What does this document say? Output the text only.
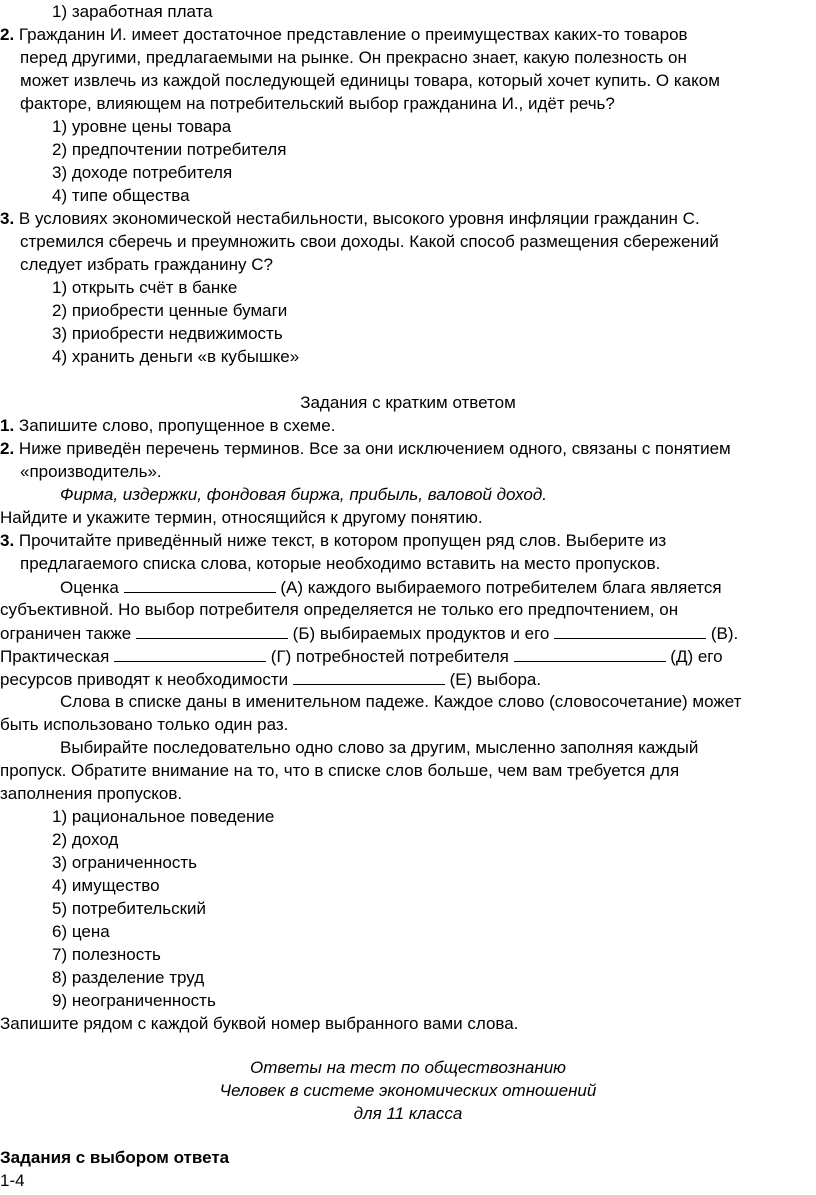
1) заработная плата
2. Гражданин И. имеет достаточное представление о преимуществах каких-то товаров
перед другими, предлагаемыми на рынке. Он прекрасно знает, какую полезность он
может извлечь из каждой последующей единицы товара, который хочет купить. О каком
факторе, влияющем на потребительский выбор гражданина И., идёт речь?
1) уровне цены товара
2) предпочтении потребителя
3) доходе потребителя
4) типе общества
3. В условиях экономической нестабильности, высокого уровня инфляции гражданин С.
стремился сберечь и преумножить свои доходы. Какой способ размещения сбережений
следует избрать гражданину С?
1) открыть счёт в банке
2) приобрести ценные бумаги
3) приобрести недвижимость
4) хранить деньги «в кубышке»
Задания с кратким ответом
1. Запишите слово, пропущенное в схеме.
2. Ниже приведён перечень терминов. Все за они исключением одного, связаны с понятием
«производитель».
Фирма, издержки, фондовая биржа, прибыль, валовой доход.
Найдите и укажите термин, относящийся к другому понятию.
3. Прочитайте приведённый ниже текст, в котором пропущен ряд слов. Выберите из
предлагаемого списка слова, которые необходимо вставить на место пропусков.
Оценка	(А) каждого выбираемого потребителем блага является
субъективной. Но выбор потребителя определяется не только его предпочтением, он
ограничен также	(Б) выбираемых продуктов и его	(В).
Практическая	(Г) потребностей потребителя	(Д) его
ресурсов приводят к необходимости	(Е) выбора.
Слова в списке даны в именительном падеже. Каждое слово (словосочетание) может
быть использовано только один раз.
Выбирайте последовательно одно слово за другим, мысленно заполняя каждый
пропуск. Обратите внимание на то, что в списке слов больше, чем вам требуется для
заполнения пропусков.
1) рациональное поведение
2) доход
3) ограниченность
4) имущество
5) потребительский
6) цена
7) полезность
8) разделение труд
9) неограниченность
Запишите рядом с каждой буквой номер выбранного вами слова.
Ответы на тест по обществознанию
Человек в системе экономических отношений
для 11 класса
Задания с выбором ответа
1-4
